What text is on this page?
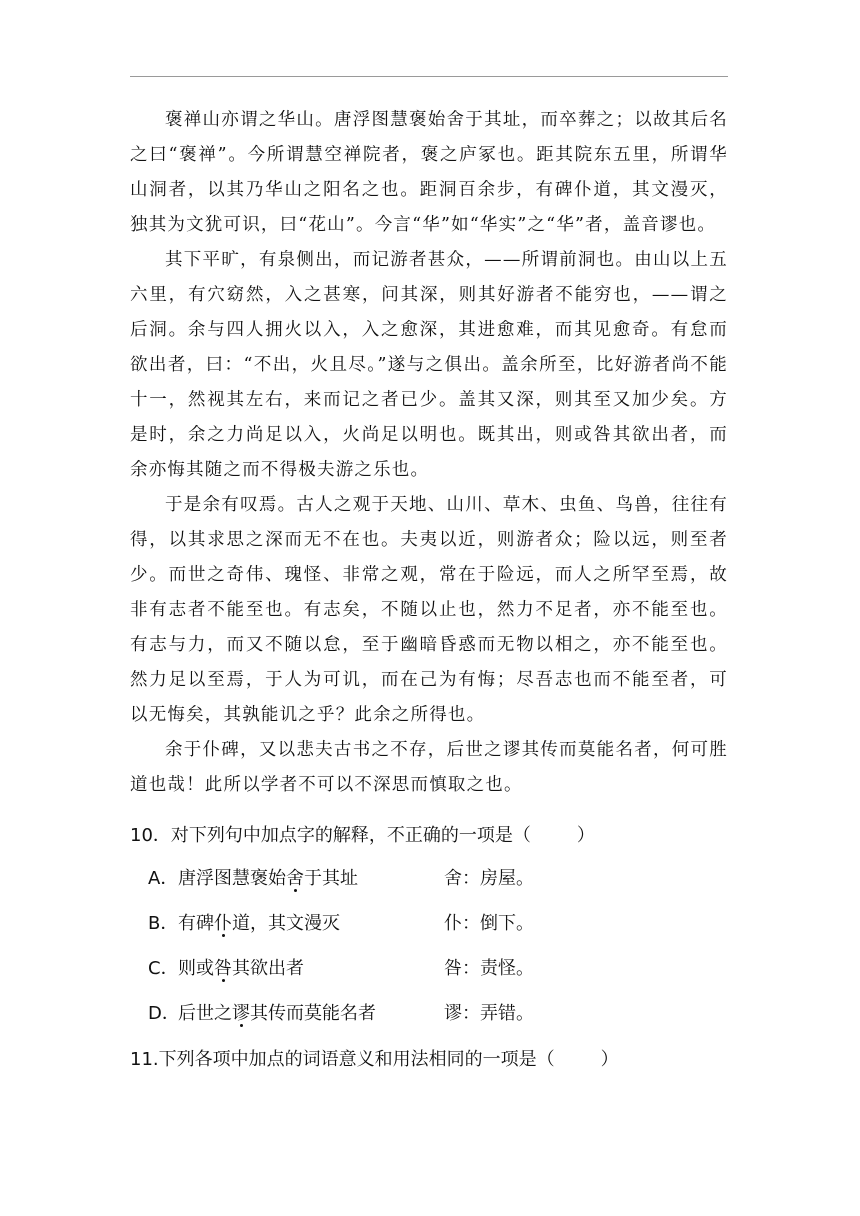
褒禅山亦谓之华山。唐浮图慧褒始舍于其址，而卒葬之；以故其后名之曰“褒禅”。今所谓慧空禅院者，褒之庐冢也。距其院东五里，所谓华山洞者，以其乃华山之阳名之也。距洞百余步，有碑仆道，其文漫灭，独其为文犹可识，曰“花山”。今言“华”如“华实”之“华”者，盖音谬也。

其下平旷，有泉侧出，而记游者甚众，——所谓前洞也。由山以上五六里，有穴窈然，入之甚寒，问其深，则其好游者不能穷也，——谓之后洞。余与四人拥火以入，入之愈深，其进愈难，而其见愈奇。有怠而欲出者，曰：“不出，火且尽。”遂与之俱出。盖余所至，比好游者尚不能十一，然视其左右，来而记之者已少。盖其又深，则其至又加少矣。方是时，余之力尚足以入，火尚足以明也。既其出，则或咎其欲出者，而余亦悔其随之而不得极夫游之乐也。

于是余有叹焉。古人之观于天地、山川、草木、虫鱼、鸟兽，往往有得，以其求思之深而无不在也。夫夷以近，则游者众；险以远，则至者少。而世之奇伟、瑰怪、非常之观，常在于险远，而人之所罕至焉，故非有志者不能至也。有志矣，不随以止也，然力不足者，亦不能至也。有志与力，而又不随以怠，至于幽暗昏惑而无物以相之，亦不能至也。然力足以至焉，于人为可讥，而在己为有悔；尽吾志也而不能至者，可以无悔矣，其孰能讥之乎？此余之所得也。

余于仆碑，又以悲夫古书之不存，后世之谬其传而莫能名者，何可胜道也哉！此所以学者不可以不深思而慎取之也。

10．对下列句中加点字的解释，不正确的一项是（	）
A．唐浮图慧褒始舍于其址	舍：房屋。
B．有碑仆道，其文漫灭	仆：倒下。
C．则或咎其欲出者	咎：责怪。
D．后世之谬其传而莫能名者	谬：弄错。
11.下列各项中加点的词语意义和用法相同的一项是（	）
